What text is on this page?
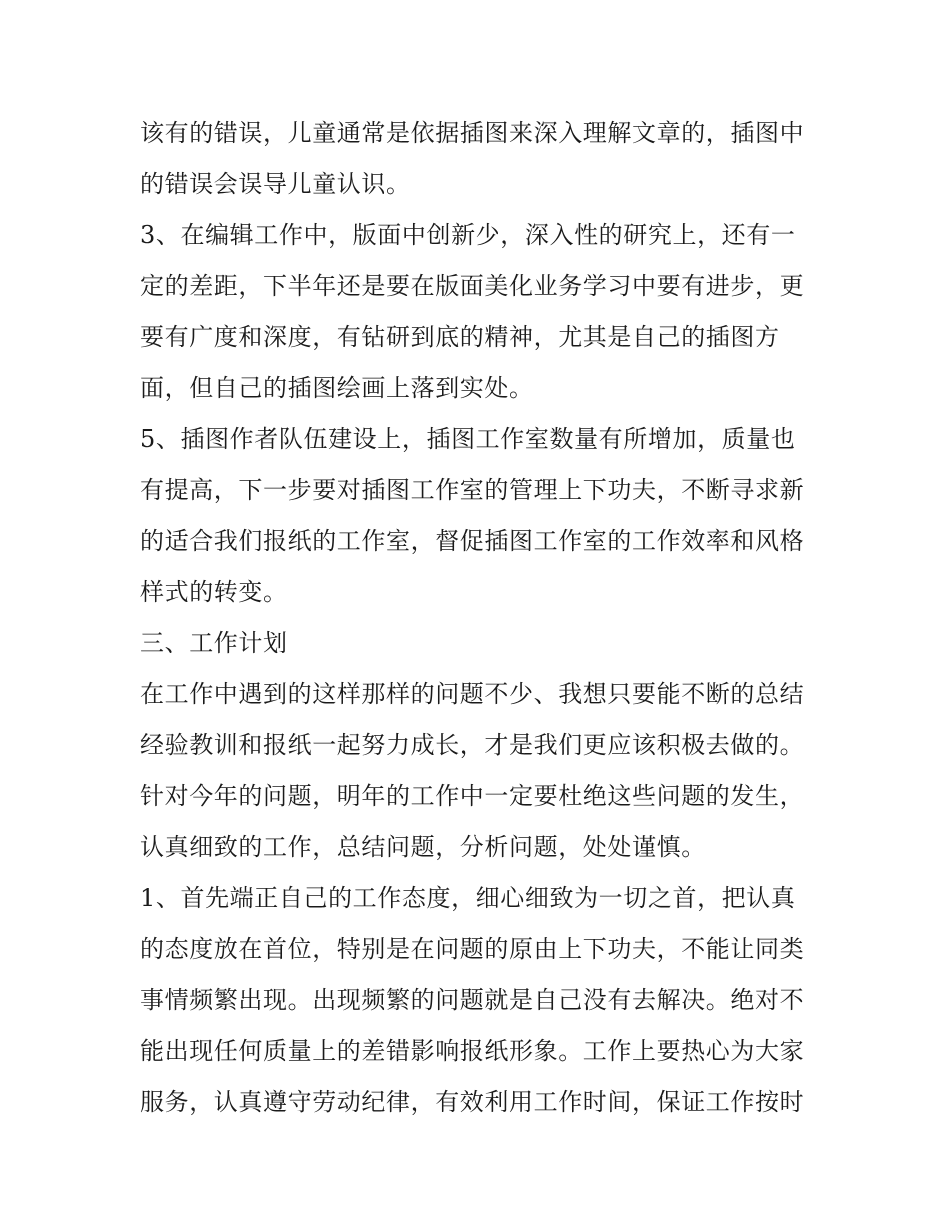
该有的错误，儿童通常是依据插图来深入理解文章的，插图中
的错误会误导儿童认识。
3、在编辑工作中，版面中创新少，深入性的研究上，还有一
定的差距，下半年还是要在版面美化业务学习中要有进步，更
要有广度和深度，有钻研到底的精神，尤其是自己的插图方
面，但自己的插图绘画上落到实处。
5、插图作者队伍建设上，插图工作室数量有所增加，质量也
有提高，下一步要对插图工作室的管理上下功夫，不断寻求新
的适合我们报纸的工作室，督促插图工作室的工作效率和风格
样式的转变。
三、工作计划
在工作中遇到的这样那样的问题不少、我想只要能不断的总结
经验教训和报纸一起努力成长，才是我们更应该积极去做的。
针对今年的问题，明年的工作中一定要杜绝这些问题的发生，
认真细致的工作，总结问题，分析问题，处处谨慎。
1、首先端正自己的工作态度，细心细致为一切之首，把认真
的态度放在首位，特别是在问题的原由上下功夫，不能让同类
事情频繁出现。出现频繁的问题就是自己没有去解决。绝对不
能出现任何质量上的差错影响报纸形象。工作上要热心为大家
服务，认真遵守劳动纪律，有效利用工作时间，保证工作按时
